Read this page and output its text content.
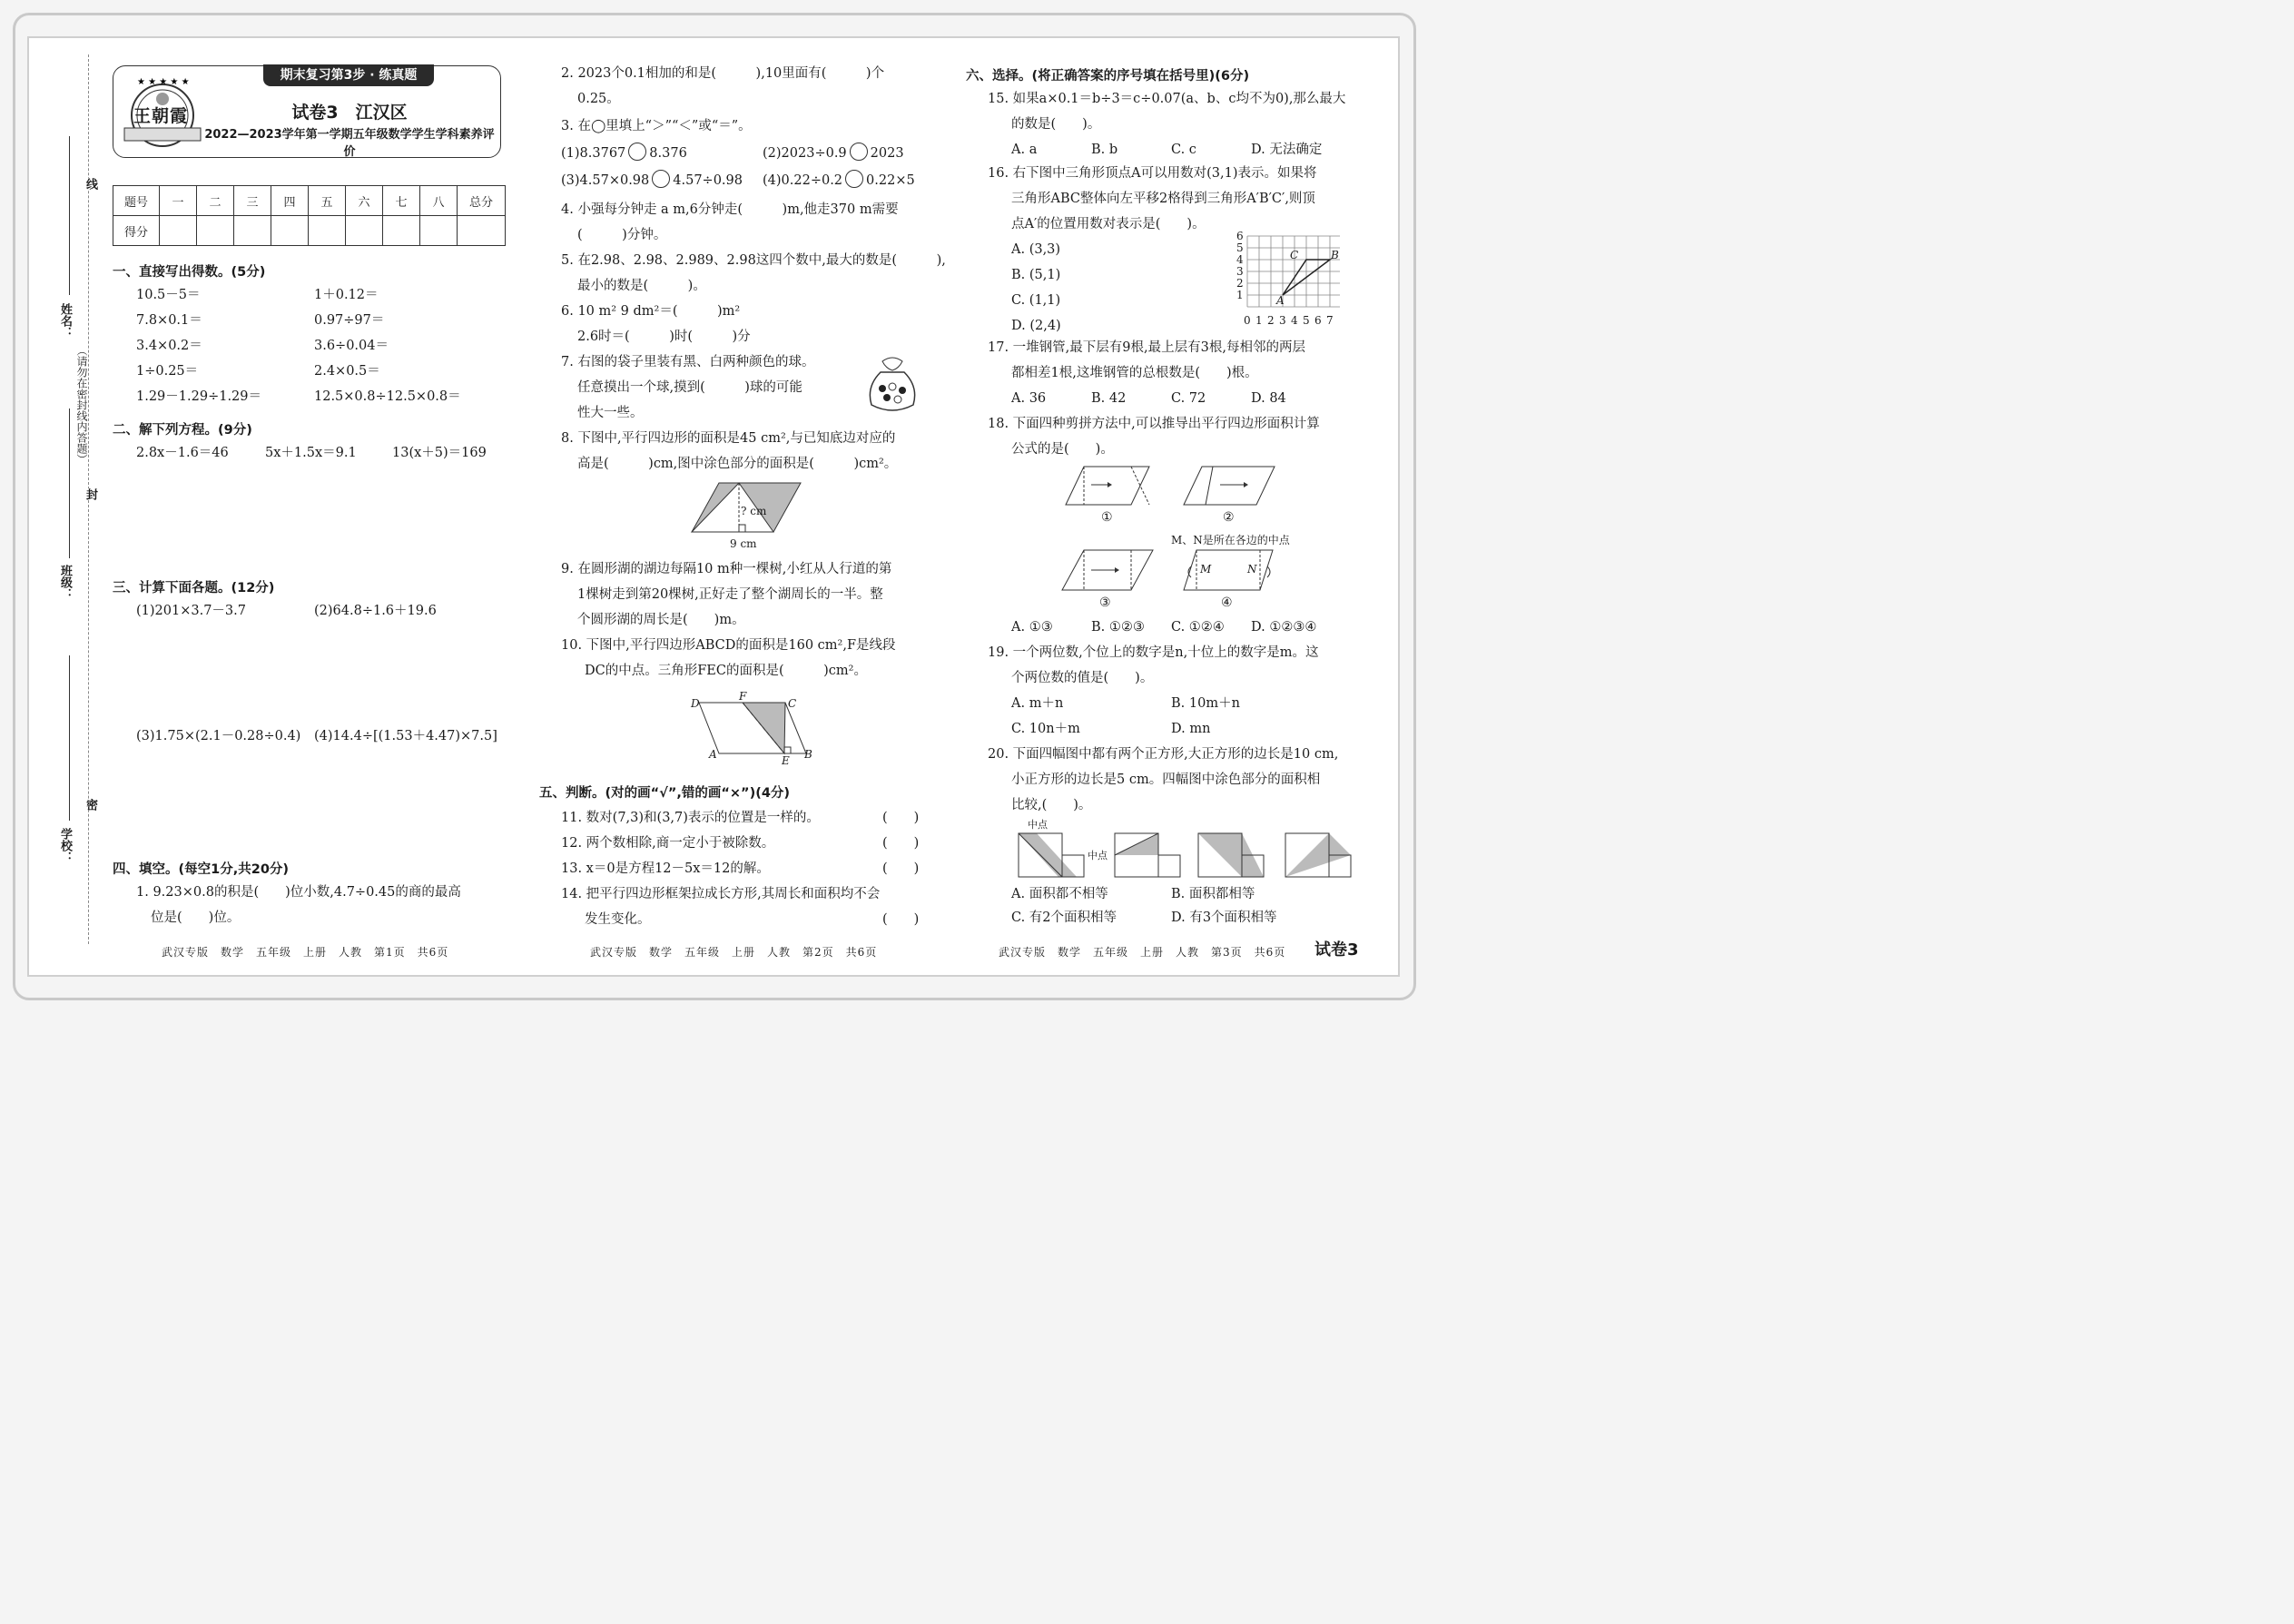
线
封
密
姓名：
班级：
学校：
（请勿在密封线内答题）
期末复习第3步 · 练真题
★ ★ ★ ★ ★
王朝霞	试卷3　江汉区
2022—2023学年第一学期五年级数学学生学科素养评价
题号	一	二	三	四	五	六	七	八	总分
得分									
一、直接写出得数。(5分)
10.5－5＝	1＋0.12＝
7.8×0.1＝	0.97÷97＝
3.4×0.2＝	3.6÷0.04＝
1÷0.25＝	2.4×0.5＝
1.29－1.29÷1.29＝	12.5×0.8÷12.5×0.8＝
二、解下列方程。(9分)
2.8x－1.6＝46	5x＋1.5x＝9.1	13(x＋5)＝169
三、计算下面各题。(12分)
(1)201×3.7－3.7	(2)64.8÷1.6＋19.6
(3)1.75×(2.1－0.28÷0.4) (4)14.4÷[(1.53＋4.47)×7.5]
四、填空。(每空1分,共20分)
1. 9.23×0.8的积是(　　)位小数,4.7÷0.45的商的最高
位是(　　)位。
2. 2023个0.1相加的和是(　　　),10里面有(　　　)个
0.25。
3. 在◯里填上“＞”“＜”或“＝”。
(1)8.3767 8.376	(2)2023÷0.9 2023
(3)4.57×0.98 4.57÷0.98 (4)0.22÷0.2 0.22×5
4. 小强每分钟走 a m,6分钟走(　　　)m,他走370 m需要
(　　　)分钟。
5. 在2.98、2.98、2.989、2.98这四个数中,最大的数是(　　　),
最小的数是(　　　)。
6. 10 m² 9 dm²＝(　　　)m²
2.6时＝(　　　)时(　　　)分
7. 右图的袋子里装有黑、白两种颜色的球。
任意摸出一个球,摸到(　　　)球的可能
性大一些。
8. 下图中,平行四边形的面积是45 cm²,与已知底边对应的
高是(　　　)cm,图中涂色部分的面积是(　　　)cm²。
? cm
9 cm
9. 在圆形湖的湖边每隔10 m种一棵树,小红从人行道的第
1棵树走到第20棵树,正好走了整个湖周长的一半。整
个圆形湖的周长是(　　)m。
10. 下图中,平行四边形ABCD的面积是160 cm²,F是线段
DC的中点。三角形FEC的面积是(　　　)cm²。
D
F
C
A	E B
五、判断。(对的画“√”,错的画“×”)(4分)
11. 数对(7,3)和(3,7)表示的位置是一样的。	(　　)
12. 两个数相除,商一定小于被除数。	(　　)
13. x＝0是方程12－5x＝12的解。	(　　)
14. 把平行四边形框架拉成长方形,其周长和面积均不会
发生变化。	(　　)
六、选择。(将正确答案的序号填在括号里)(6分)
15. 如果a×0.1＝b÷3＝c÷0.07(a、b、c均不为0),那么最大
的数是(　　)。
A. a	B. b	C. c	D. 无法确定
16. 右下图中三角形顶点A可以用数对(3,1)表示。如果将
三角形ABC整体向左平移2格得到三角形A′B′C′,则顶
点A′的位置用数对表示是(　　)。
A. (3,3)
B. (5,1)
C. (1,1)
D. (2,4)
6
5
4
3
2
1
0 1 2 3 4 5 6 7
A
B
C
17. 一堆钢管,最下层有9根,最上层有3根,每相邻的两层
都相差1根,这堆钢管的总根数是(　　)根。
A. 36	B. 42	C. 72	D. 84
18. 下面四种剪拼方法中,可以推导出平行四边形面积计算
公式的是(　　)。
①	②
M、N是所在各边的中点
M	N
③	④
A. ①③	B. ①②③ C. ①②④ D. ①②③④
19. 一个两位数,个位上的数字是n,十位上的数字是m。这
个两位数的值是(　　)。
A. m＋n	B. 10m＋n
C. 10n＋m	D. mn
20. 下面四幅图中都有两个正方形,大正方形的边长是10 cm,
小正方形的边长是5 cm。四幅图中涂色部分的面积相
比较,(　　)。
中点
中点
A. 面积都不相等	B. 面积都相等
C. 有2个面积相等	D. 有3个面积相等
武汉专版　数学　五年级　上册　人教　第1页　共6页	武汉专版　数学　五年级　上册　人教　第2页　共6页	武汉专版　数学　五年级　上册　人教　第3页　共6页 试卷3
